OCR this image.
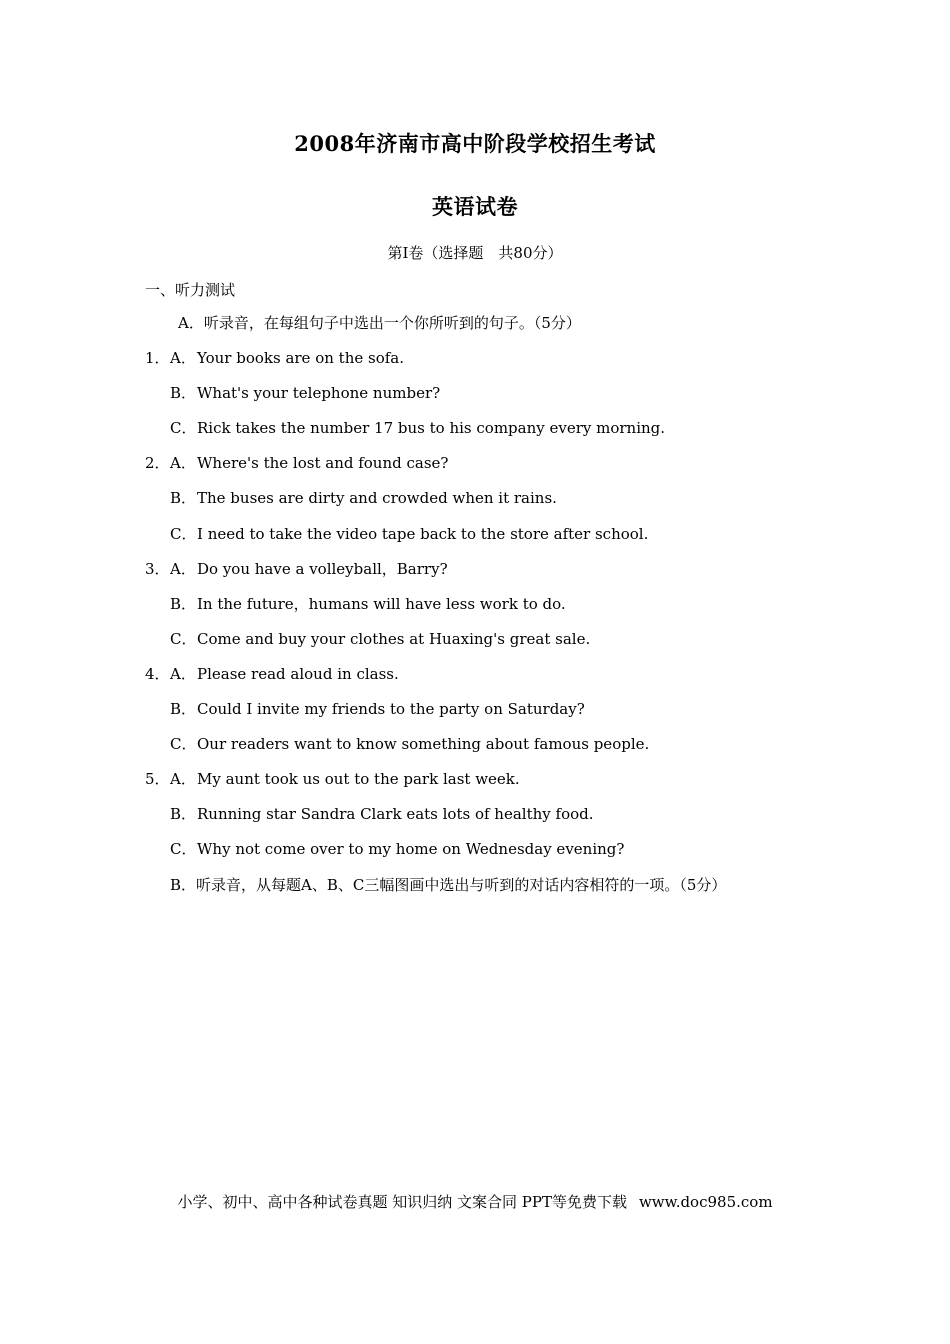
2008年济南市高中阶段学校招生考试
英语试卷
第Ⅰ卷（选择题　共80分）
一、听力测试
A．听录音，在每组句子中选出一个你所听到的句子。（5分）
1．A．Your books are on the sofa.
B．What's your telephone number?
C．Rick takes the number 17 bus to his company every morning.
2．A．Where's the lost and found case?
B．The buses are dirty and crowded when it rains.
C．I need to take the video tape back to the store after school.
3．A．Do you have a volleyball，Barry?
B．In the future，humans will have less work to do.
C．Come and buy your clothes at Huaxing's great sale.
4．A．Please read aloud in class.
B．Could I invite my friends to the party on Saturday?
C．Our readers want to know something about famous people.
5．A．My aunt took us out to the park last week.
B．Running star Sandra Clark eats lots of healthy food.
C．Why not come over to my home on Wednesday evening?
B．听录音，从每题A、B、C三幅图画中选出与听到的对话内容相符的一项。（5分）
小学、初中、高中各种试卷真题 知识归纳 文案合同 PPT等免费下载 www.doc985.com
